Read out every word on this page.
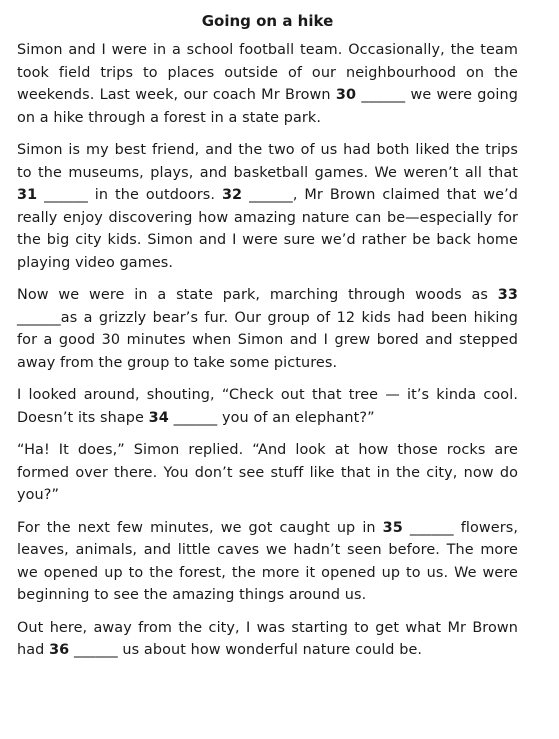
Going on a hike

Simon and I were in a school football team. Occasionally, the team took field trips to places outside of our neighbourhood on the weekends. Last week, our coach Mr Brown 30 ______ we were going on a hike through a forest in a state park.

Simon is my best friend, and the two of us had both liked the trips to the museums, plays, and basketball games. We weren’t all that 31 ______ in the outdoors. 32 ______, Mr Brown claimed that we’d really enjoy discovering how amazing nature can be—especially for the big city kids. Simon and I were sure we’d rather be back home playing video games.

Now we were in a state park, marching through woods as 33 ______as a grizzly bear’s fur. Our group of 12 kids had been hiking for a good 30 minutes when Simon and I grew bored and stepped away from the group to take some pictures.

I looked around, shouting, “Check out that tree — it’s kinda cool. Doesn’t its shape 34 ______ you of an elephant?”

“Ha! It does,” Simon replied. “And look at how those rocks are formed over there. You don’t see stuff like that in the city, now do you?”

For the next few minutes, we got caught up in 35 ______ flowers, leaves, animals, and little caves we hadn’t seen before. The more we opened up to the forest, the more it opened up to us. We were beginning to see the amazing things around us.

Out here, away from the city, I was starting to get what Mr Brown had 36 ______ us about how wonderful nature could be.
